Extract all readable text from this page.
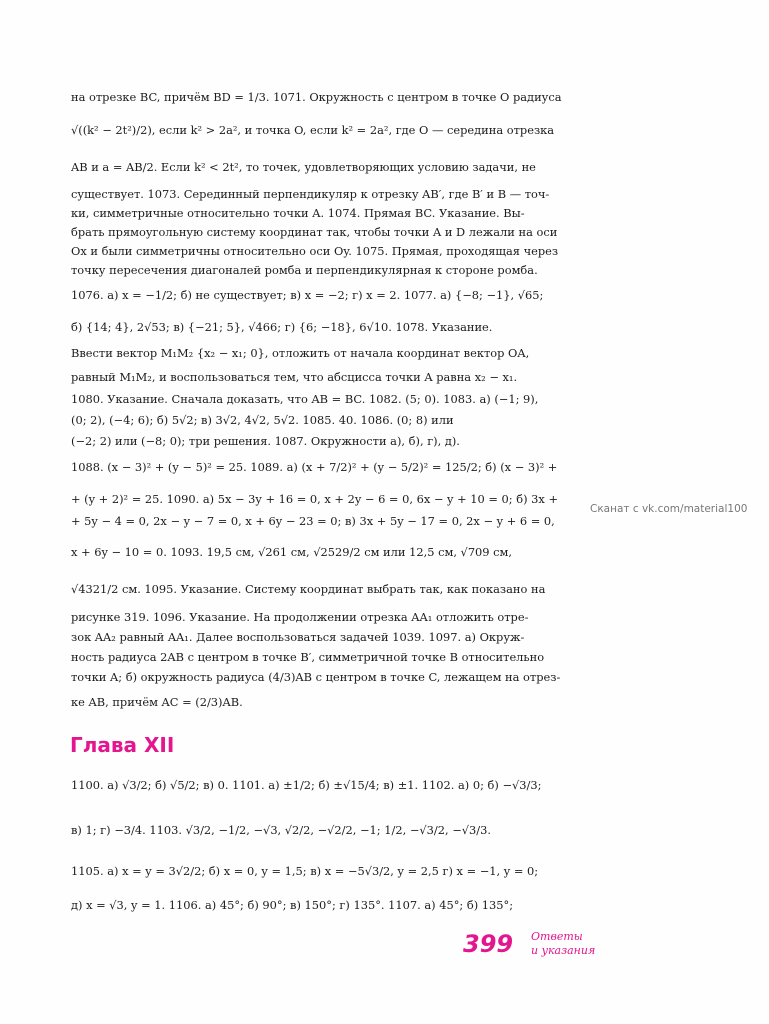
на отрезке BC, причём BD = 1/3. 1071. Окружность с центром в точке O радиуса

√((k² − 2t²)/2), если k² > 2a², и точка O, если k² = 2a², где O — середина отрезка

AB и a = AB/2. Если k² < 2t², то точек, удовлетворяющих условию задачи, не

существует. 1073. Серединный перпендикуляр к отрезку AB′, где B′ и B — точ-

ки, симметричные относительно точки A. 1074. Прямая BC. Указание. Вы-

брать прямоугольную систему координат так, чтобы точки A и D лежали на оси

Ox и были симметричны относительно оси Oy. 1075. Прямая, проходящая через

точку пересечения диагоналей ромба и перпендикулярная к стороне ромба.

1076. а) x = −1/2; б) не существует; в) x = −2; г) x = 2. 1077. а) {−8; −1}, √65;

б) {14; 4}, 2√53; в) {−21; 5}, √466; г) {6; −18}, 6√10. 1078. Указание.

Ввести вектор M₁M₂ {x₂ − x₁; 0}, отложить от начала координат вектор OA,

равный M₁M₂, и воспользоваться тем, что абсцисса точки A равна x₂ − x₁.

1080. Указание. Сначала доказать, что AB = BC. 1082. (5; 0). 1083. а) (−1; 9),

(0; 2), (−4; 6); б) 5√2; в) 3√2, 4√2, 5√2. 1085. 40. 1086. (0; 8) или

(−2; 2) или (−8; 0); три решения. 1087. Окружности а), б), г), д).

1088. (x − 3)² + (y − 5)² = 25. 1089. а) (x + 7/2)² + (y − 5/2)² = 125/2; б) (x − 3)² +

+ (y + 2)² = 25. 1090. а) 5x − 3y + 16 = 0, x + 2y − 6 = 0, 6x − y + 10 = 0; б) 3x +

+ 5y − 4 = 0, 2x − y − 7 = 0, x + 6y − 23 = 0; в) 3x + 5y − 17 = 0, 2x − y + 6 = 0,

x + 6y − 10 = 0. 1093. 19,5 см, √261 см, √2529/2 см или 12,5 см, √709 см,

√4321/2 см. 1095. Указание. Систему координат выбрать так, как показано на

рисунке 319. 1096. Указание. На продолжении отрезка AA₁ отложить отре-

зок AA₂ равный AA₁. Далее воспользоваться задачей 1039. 1097. а) Окруж-

ность радиуса 2AB с центром в точке B′, симметричной точке B относительно

точки A; б) окружность радиуса (4/3)AB с центром в точке C, лежащем на отрез-

ке AB, причём AC = (2/3)AB.

Глава XII

1100. а) √3/2; б) √5/2; в) 0. 1101. а) ±1/2; б) ±√15/4; в) ±1. 1102. а) 0; б) −√3/3;

в) 1; г) −3/4. 1103. √3/2, −1/2, −√3, √2/2, −√2/2, −1; 1/2, −√3/2, −√3/3.

1105. а) x = y = 3√2/2; б) x = 0, y = 1,5; в) x = −5√3/2, y = 2,5 г) x = −1, y = 0;

д) x = √3, y = 1. 1106. а) 45°; б) 90°; в) 150°; г) 135°. 1107. а) 45°; б) 135°;

Сканат с vk.com/material100
399 Ответы
и указания
